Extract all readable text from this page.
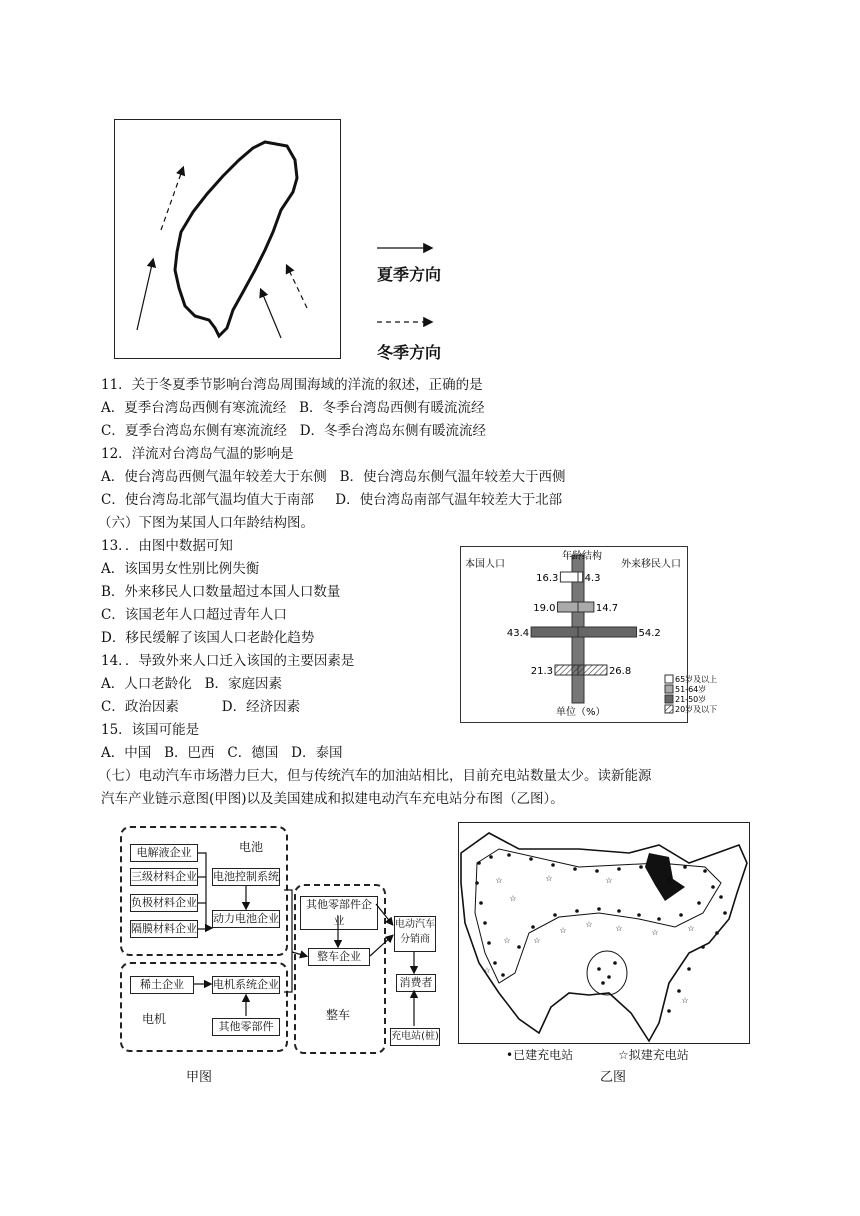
夏季方向
冬季方向
11．关于冬夏季节影响台湾岛周围海域的洋流的叙述，正确的是
A．夏季台湾岛西侧有寒流流经   B．冬季台湾岛西侧有暖流流经
C．夏季台湾岛东侧有寒流流经   D．冬季台湾岛东侧有暖流流经
12．洋流对台湾岛气温的影响是
A．使台湾岛西侧气温年较差大于东侧   B．使台湾岛东侧气温年较差大于西侧
C．使台湾岛北部气温均值大于南部     D．使台湾岛南部气温年较差大于北部
（六）下图为某国人口年龄结构图。
13．．由图中数据可知
A．该国男女性别比例失衡
B．外来移民人口数量超过本国人口数量
C．该国老年人口超过青年人口
D．移民缓解了该国人口老龄化趋势
14．．导致外来人口迁入该国的主要因素是
A．人口老龄化   B．家庭因素
C．政治因素          D．经济因素
15．该国可能是
A．中国   B．巴西   C．德国   D．泰国
（七）电动汽车市场潜力巨大，但与传统汽车的加油站相比，目前充电站数量太少。读新能源
汽车产业链示意图(甲图)以及美国建成和拟建电动汽车充电站分布图（乙图）。
年龄结构
本国人口	外来移民人口
16.3	4.3
19.0	14.7
43.4	54.2
21.3	26.8
单位（%）
65岁及以上
51-64岁
21-50岁
20岁及以下
电池
电解液企业
三级材料企业
负极材料企业
隔膜材料企业
电池控制系统
动力电池企业
稀土企业	电机系统企业
其他零部件
电机
其他零部件企业
整车企业
整车
电动汽车分销商
消费者
充电站(桩)
甲图
☆
☆
☆	☆
☆
☆	☆	☆	☆
☆	☆	☆
☆
☆
•已建充电站	☆拟建充电站
乙图
